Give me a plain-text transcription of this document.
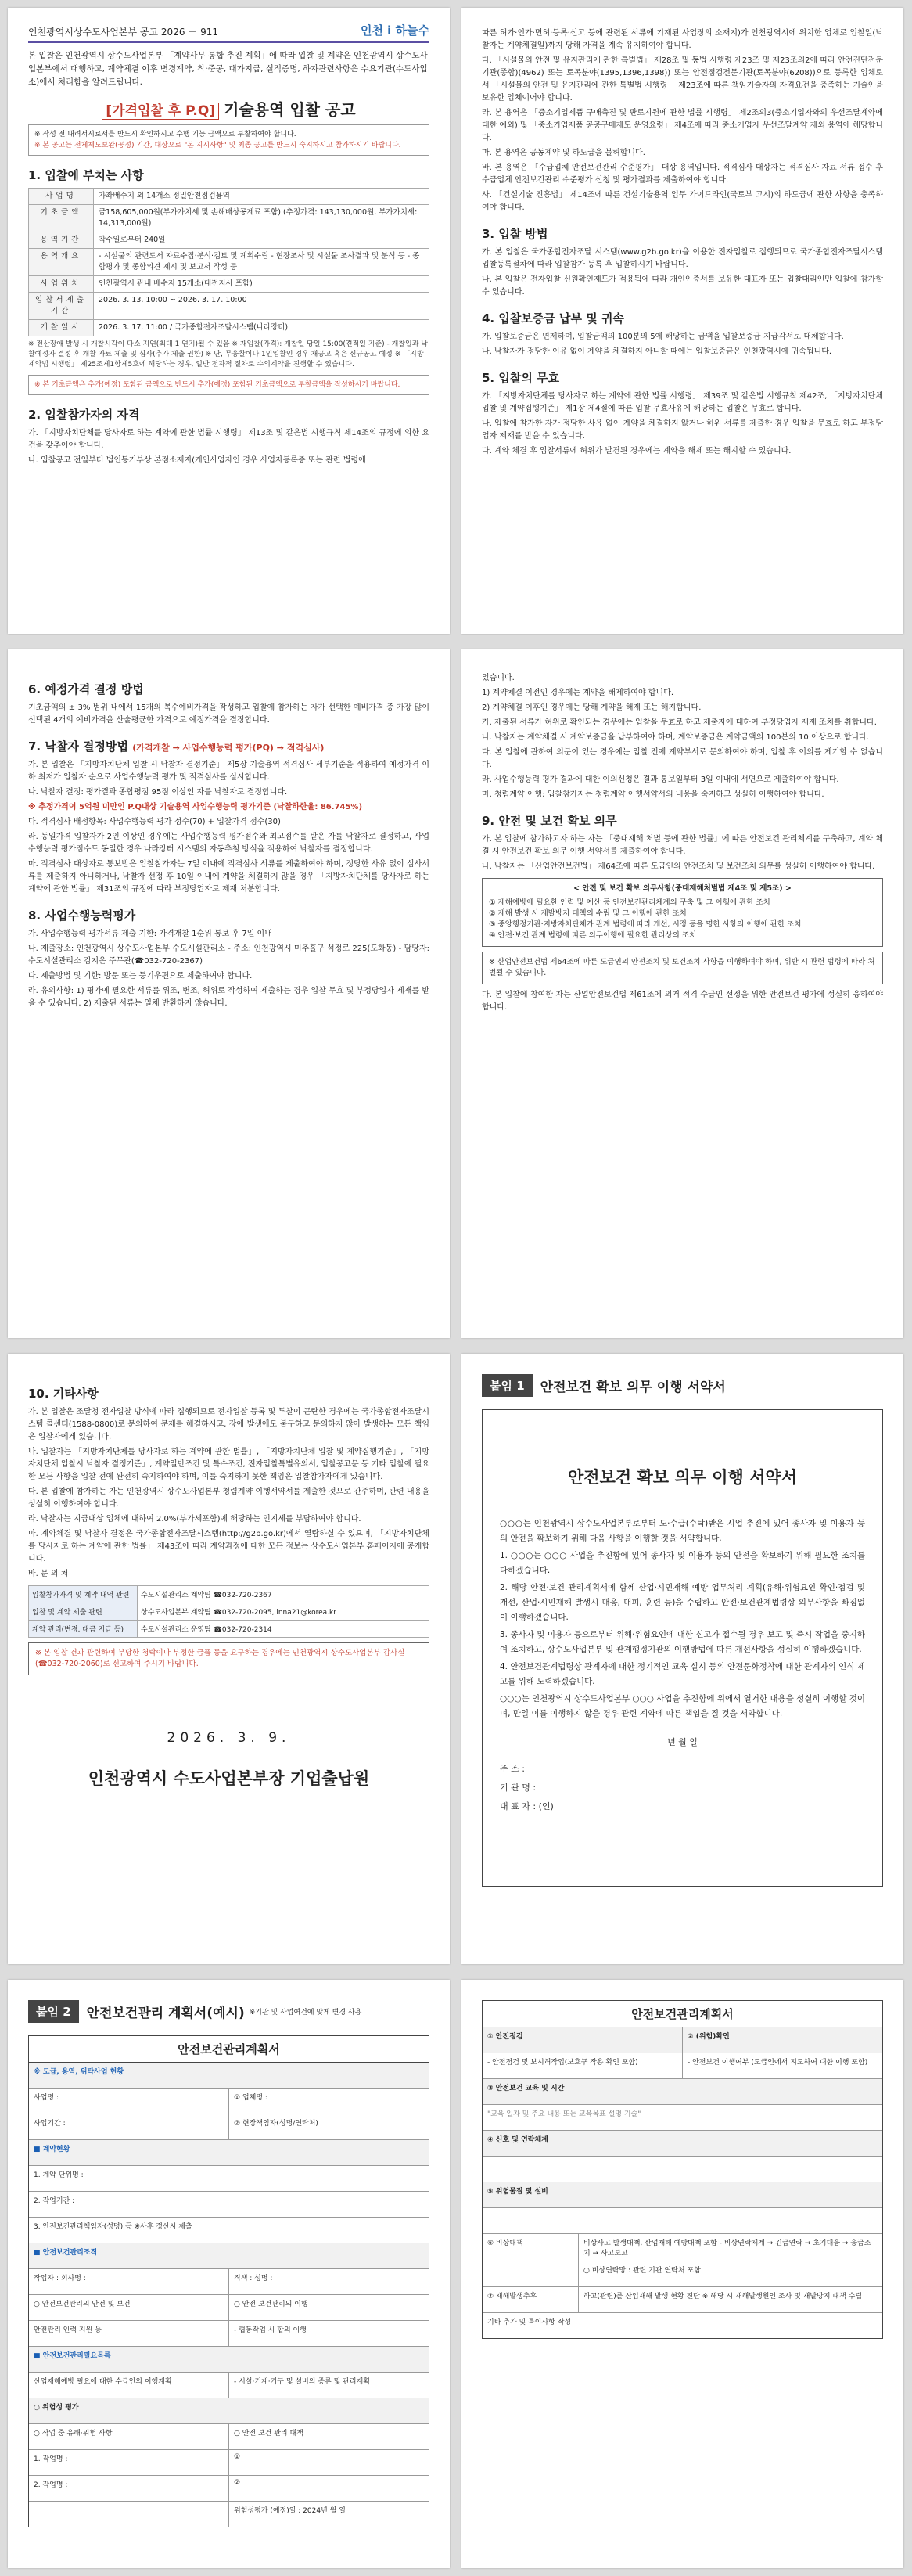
인천광역시상수도사업본부 공고 2026 － 911	인천 i 하늘수
본 입찰은 인천광역시 상수도사업본부 「계약사무 통합 추진 계획」에 따라 입찰 및 계약은 인천광역시 상수도사업본부에서 대행하고, 계약체결 이후 변경계약, 착·준공, 대가지급, 실적증명, 하자관련사항은 수요기관(수도사업소)에서 처리함을 알려드립니다.
[가격입찰 후 P.Q] 기술용역 입찰 공고
※ 작성 전 내려서시로서를 반드시 확인하시고 수행 기능 금액으로 투찰하여야 합니다.
※ 본 공고는 전체제도보완(공정) 기간, 대상으로 "본 지시사항" 및 최종 공고를 반드시 숙지하시고 참가하시기 바랍니다.
1. 입찰에 부치는 사항
사업명	가좌배수지 외 14개소 정밀안전점검용역
기초금액	금158,605,000원(부가가치세 및 손해배상공제료 포함) (추정가격: 143,130,000원, 부가가치세: 14,313,000원)
용역기간	착수일로부터 240일
용역개요	- 시설물의 관련도서 자료수집·분석·검토 및 계획수립 - 현장조사 및 시설물 조사결과 및 분석 등 - 종합평가 및 종합의견 제시 및 보고서 작성 등
사업위치	인천광역시 관내 배수지 15개소(대전지사 포함)
입찰서제출기간	2026. 3. 13. 10:00 ~ 2026. 3. 17. 10:00
개찰일시	2026. 3. 17. 11:00 / 국가종합전자조달시스템(나라장터)
※ 전산장애 발생 시 개찰시각이 다소 지연(최대 1 연기)될 수 있음 ※ 재입찰(가격): 개찰일 당일 15:00(견적일 기준) - 개찰일과 낙찰예정자 결정 후 개찰 자료 제출 및 심사(추가 제출 권한) ※ 단, 무응찰이나 1인입찰인 경우 재공고 혹은 신규공고 예정 ※ 「지방계약법 시행령」 제25조제1항제5호에 해당하는 경우, 일반 전자적 절차로 수의계약을 진행할 수 있습니다.
※ 본 기초금액은 추가(예정) 포함된 금액으로 반드시 추가(예정) 포함된 기초금액으로 투찰금액을 작성하시기 바랍니다.
2. 입찰참가자의 자격
가. 「지방자치단체를 당사자로 하는 계약에 관한 법률 시행령」 제13조 및 같은법 시행규칙 제14조의 규정에 의한 요건을 갖추어야 합니다.
나. 입찰공고 전일부터 법인등기부상 본점소재지(개인사업자인 경우 사업자등록증 또는 관련 법령에
따른 허가·인가·면허·등록·신고 등에 관련된 서류에 기재된 사업장의 소재지)가 인천광역시에 위치한 업체로 입찰일(낙찰자는 계약체결일)까지 당해 자격을 계속 유지하여야 합니다.
다. 「시설물의 안전 및 유지관리에 관한 특별법」 제28조 및 동법 시행령 제23조 및 제23조의2에 따라 안전진단전문기관(종합)(4962) 또는 토목분야(1395,1396,1398)) 또는 안전점검전문기관(토목분야(6208))으로 등록한 업체로서 「시설물의 안전 및 유지관리에 관한 특별법 시행령」 제23조에 따른 책임기술자의 자격요건을 충족하는 기술인을 보유한 업체이어야 합니다.
라. 본 용역은 「중소기업제품 구매촉진 및 판로지원에 관한 법률 시행령」 제2조의3(중소기업자와의 우선조달계약에 대한 예외) 및 「중소기업제품 공공구매제도 운영요령」 제4조에 따라 중소기업자 우선조달계약 제외 용역에 해당합니다.
마. 본 용역은 공동계약 및 하도급을 불허합니다.
바. 본 용역은 「수급업체 안전보건관리 수준평가」 대상 용역입니다. 적격심사 대상자는 적격심사 자료 서류 접수 후 수급업체 안전보건관리 수준평가 신청 및 평가결과를 제출하여야 합니다.
사. 「건설기술 진흥법」 제14조에 따른 건설기술용역 업무 가이드라인(국토부 고시)의 하도급에 관한 사항을 충족하여야 합니다.
3. 입찰 방법
가. 본 입찰은 국가종합전자조달 시스템(www.g2b.go.kr)을 이용한 전자입찰로 집행되므로 국가종합전자조달시스템 입찰등록절차에 따라 입찰참가 등록 후 입찰하시기 바랍니다.
나. 본 입찰은 전자입찰 신원확인제도가 적용됨에 따라 개인인증서를 보유한 대표자 또는 입찰대리인만 입찰에 참가할 수 있습니다.
4. 입찰보증금 납부 및 귀속
가. 입찰보증금은 면제하며, 입찰금액의 100분의 5에 해당하는 금액을 입찰보증금 지급각서로 대체합니다.
나. 낙찰자가 정당한 이유 없이 계약을 체결하지 아니할 때에는 입찰보증금은 인천광역시에 귀속됩니다.
5. 입찰의 무효
가. 「지방자치단체를 당사자로 하는 계약에 관한 법률 시행령」 제39조 및 같은법 시행규칙 제42조, 「지방자치단체 입찰 및 계약집행기준」 제1장 제4절에 따른 입찰 무효사유에 해당하는 입찰은 무효로 합니다.
나. 입찰에 참가한 자가 정당한 사유 없이 계약을 체결하지 않거나 허위 서류를 제출한 경우 입찰을 무효로 하고 부정당업자 제재를 받을 수 있습니다.
다. 계약 체결 후 입찰서류에 허위가 발견된 경우에는 계약을 해제 또는 해지할 수 있습니다.
6. 예정가격 결정 방법
기초금액의 ± 3% 범위 내에서 15개의 복수예비가격을 작성하고 입찰에 참가하는 자가 선택한 예비가격 중 가장 많이 선택된 4개의 예비가격을 산술평균한 가격으로 예정가격을 결정합니다.
7. 낙찰자 결정방법 (가격개찰 → 사업수행능력 평가(PQ) → 적격심사)
가. 본 입찰은 「지방자치단체 입찰 시 낙찰자 결정기준」 제5장 기술용역 적격심사 세부기준을 적용하여 예정가격 이하 최저가 입찰자 순으로 사업수행능력 평가 및 적격심사를 실시합니다.
나. 낙찰자 결정: 평가결과 종합평점 95점 이상인 자를 낙찰자로 결정합니다.
※ 추정가격이 5억원 미만인 P.Q대상 기술용역 사업수행능력 평가기준 (낙찰하한율: 86.745%)
다. 적격심사 배점항목: 사업수행능력 평가 점수(70) + 입찰가격 점수(30)
라. 동일가격 입찰자가 2인 이상인 경우에는 사업수행능력 평가점수와 최고점수를 받은 자를 낙찰자로 결정하고, 사업수행능력 평가점수도 동일한 경우 나라장터 시스템의 자동추첨 방식을 적용하여 낙찰자를 결정합니다.
마. 적격심사 대상자로 통보받은 입찰참가자는 7일 이내에 적격심사 서류를 제출하여야 하며, 정당한 사유 없이 심사서류를 제출하지 아니하거나, 낙찰자 선정 후 10일 이내에 계약을 체결하지 않을 경우 「지방자치단체를 당사자로 하는 계약에 관한 법률」 제31조의 규정에 따라 부정당업자로 제재 처분합니다.
8. 사업수행능력평가
가. 사업수행능력 평가서류 제출 기한: 가격개찰 1순위 통보 후 7일 이내
나. 제출장소: 인천광역시 상수도사업본부 수도시설관리소 - 주소: 인천광역시 미추홀구 석정로 225(도화동) - 담당자: 수도시설관리소 김지은 주무관(☎032-720-2367)
다. 제출방법 및 기한: 방문 또는 등기우편으로 제출하여야 합니다.
라. 유의사항: 1) 평가에 필요한 서류를 위조, 변조, 허위로 작성하여 제출하는 경우 입찰 무효 및 부정당업자 제재를 받을 수 있습니다. 2) 제출된 서류는 일체 반환하지 않습니다.
있습니다.
1) 계약체결 이전인 경우에는 계약을 해제하여야 합니다.
2) 계약체결 이후인 경우에는 당해 계약을 해제 또는 해지합니다.
가. 제출된 서류가 허위로 확인되는 경우에는 입찰을 무효로 하고 제출자에 대하여 부정당업자 제재 조치를 취합니다.
나. 낙찰자는 계약체결 시 계약보증금을 납부하여야 하며, 계약보증금은 계약금액의 100분의 10 이상으로 합니다.
다. 본 입찰에 관하여 의문이 있는 경우에는 입찰 전에 계약부서로 문의하여야 하며, 입찰 후 이의를 제기할 수 없습니다.
라. 사업수행능력 평가 결과에 대한 이의신청은 결과 통보일부터 3일 이내에 서면으로 제출하여야 합니다.
마. 청렴계약 이행: 입찰참가자는 청렴계약 이행서약서의 내용을 숙지하고 성실히 이행하여야 합니다.
9. 안전 및 보건 확보 의무
가. 본 입찰에 참가하고자 하는 자는 「중대재해 처벌 등에 관한 법률」에 따른 안전보건 관리체계를 구축하고, 계약 체결 시 안전보건 확보 의무 이행 서약서를 제출하여야 합니다.
나. 낙찰자는 「산업안전보건법」 제64조에 따른 도급인의 안전조치 및 보건조치 의무를 성실히 이행하여야 합니다.
< 안전 및 보건 확보 의무사항(중대재해처벌법 제4조 및 제5조) >
① 재해예방에 필요한 인력 및 예산 등 안전보건관리체계의 구축 및 그 이행에 관한 조치
② 재해 발생 시 재발방지 대책의 수립 및 그 이행에 관한 조치
③ 중앙행정기관·지방자치단체가 관계 법령에 따라 개선, 시정 등을 명한 사항의 이행에 관한 조치
④ 안전·보건 관계 법령에 따른 의무이행에 필요한 관리상의 조치
※ 산업안전보건법 제64조에 따른 도급인의 안전조치 및 보건조치 사항을 이행하여야 하며, 위반 시 관련 법령에 따라 처벌될 수 있습니다.
다. 본 입찰에 참여한 자는 산업안전보건법 제61조에 의거 적격 수급인 선정을 위한 안전보건 평가에 성실히 응하여야 합니다.
10. 기타사항
가. 본 입찰은 조달청 전자입찰 방식에 따라 집행되므로 전자입찰 등록 및 투찰이 곤란한 경우에는 국가종합전자조달시스템 콜센터(1588-0800)로 문의하여 문제를 해결하시고, 장애 발생에도 불구하고 문의하지 않아 발생하는 모든 책임은 입찰자에게 있습니다.
나. 입찰자는 「지방자치단체를 당사자로 하는 계약에 관한 법률」, 「지방자치단체 입찰 및 계약집행기준」, 「지방자치단체 입찰시 낙찰자 결정기준」, 계약일반조건 및 특수조건, 전자입찰특별유의서, 입찰공고문 등 기타 입찰에 필요한 모든 사항을 입찰 전에 완전히 숙지하여야 하며, 이를 숙지하지 못한 책임은 입찰참가자에게 있습니다.
다. 본 입찰에 참가하는 자는 인천광역시 상수도사업본부 청렴계약 이행서약서를 제출한 것으로 간주하며, 관련 내용을 성실히 이행하여야 합니다.
라. 낙찰자는 지급대상 업체에 대하여 2.0%(부가세포함)에 해당하는 인지세를 부담하여야 합니다.
마. 계약체결 및 낙찰자 결정은 국가종합전자조달시스템(http://g2b.go.kr)에서 열람하실 수 있으며, 「지방자치단체를 당사자로 하는 계약에 관한 법률」 제43조에 따라 계약과정에 대한 모든 정보는 상수도사업본부 홈페이지에 공개합니다.
바. 문 의 처
입찰참가자격 및 계약 내역 관련	수도시설관리소 계약팀 ☎032-720-2367
입찰 및 계약 제출 관련	상수도사업본부 계약팀 ☎032-720-2095, inna21@korea.kr
계약 관리(변경, 대금 지급 등)	수도시설관리소 운영팀 ☎032-720-2314
※ 본 입찰 건과 관련하여 부당한 청탁이나 부정한 금품 등을 요구하는 경우에는 인천광역시 상수도사업본부 감사실(☎032-720-2060)로 신고하여 주시기 바랍니다.
2026. 3. 9.
인천광역시 수도사업본부장 기업출납원
붙임 1	안전보건 확보 의무 이행 서약서
안전보건 확보 의무 이행 서약서
○○○는 인천광역시 상수도사업본부로부터 도·수급(수탁)받은 시업 추진에 있어 종사자 및 이용자 등의 안전을 확보하기 위해 다음 사항을 이행할 것을 서약합니다.
1. ○○○는 ○○○ 사업을 추진함에 있어 종사자 및 이용자 등의 안전을 확보하기 위해 필요한 조치를 다하겠습니다.
2. 해당 안전·보건 관리계획서에 함께 산업·시민재해 예방 업무처리 계획(유해·위험요인 확인·점검 및 개선, 산업·시민재해 발생시 대응, 대피, 훈련 등)을 수립하고 안전·보건관계법령상 의무사항을 빠짐없이 이행하겠습니다.
3. 종사자 및 이용자 등으로부터 위해·위험요인에 대한 신고가 접수될 경우 보고 및 즉시 작업을 중지하여 조치하고, 상수도사업본부 및 관계행정기관의 이행방법에 따른 개선사항을 성실히 이행하겠습니다.
4. 안전보건관계법령상 관계자에 대한 정기적인 교육 실시 등의 안전문화정착에 대한 관계자의 인식 제고를 위해 노력하겠습니다.
○○○는 인천광역시 상수도사업본부 ○○○ 사업을 추진함에 위에서 열거한 내용을 성실히 이행할 것이며, 만일 이를 이행하지 않을 경우 관련 계약에 따른 책임을 질 것을 서약합니다.
년 월 일
주 소 :
기 관 명 :
대 표 자 : (인)
붙임 2	안전보건관리 계획서(예시) ※기관 및 사업여건에 맞게 변경 사용
안전보건관리계획서
※ 도급, 용역, 위탁사업 현황
사업명 :	① 업체명 :
사업기간 :	② 현장책임자(성명/연락처)
■ 계약현황
1. 계약 단위명 :
2. 작업기간 :
3. 안전보건관리책임자(성명) 등 ※사후 정산시 제출
■ 안전보건관리조직
작업자 : 회사명 :	직책 : 성명 :
○ 안전보건관리의 안전 및 보건	○ 안전·보건관리의 이행
안전관리 인력 지원 등	- 협동작업 시 합의 이행
■ 안전보건관리필요목록
산업재해예방 필요에 대한 수급인의 이행계획	- 시설·기계·기구 및 설비의 종류 및 관리계획
○ 위험성 평가
○ 작업 중 유해·위험 사항	○ 안전·보건 관리 대책
1. 작업명 :	①
2. 작업명 :	②
위험성평가 (예정)일 : 2024년 월 일
안전보건관리계획서
① 안전점검	② (위험)확인
- 안전점검 및 보시허작업(보호구 작용 확인 포함)	- 안전보건 이행여부 (도급인에서 지도하여 대한 이행 포함)
③ 안전보건 교육 및 시간
"교육 일자 및 주요 내용 또는 교육목표 설명 기술"
④ 신호 및 연락체계
⑤ 위험물질 및 설비
⑥ 비상대책	비상사고 발생대책, 산업재해 예방대책 포함 - 비상연락체계 → 긴급연락 → 초기대응 → 응급조치 → 사고보고
○ 비상연락망 : 관련 기관 연락처 포함
⑦ 재해발생추후	하고(관련)를 산업재해 발생 현황 진단 ※ 해당 시 재해발생원인 조사 및 재발방지 대책 수립
기타 추가 및 특이사항 작성
